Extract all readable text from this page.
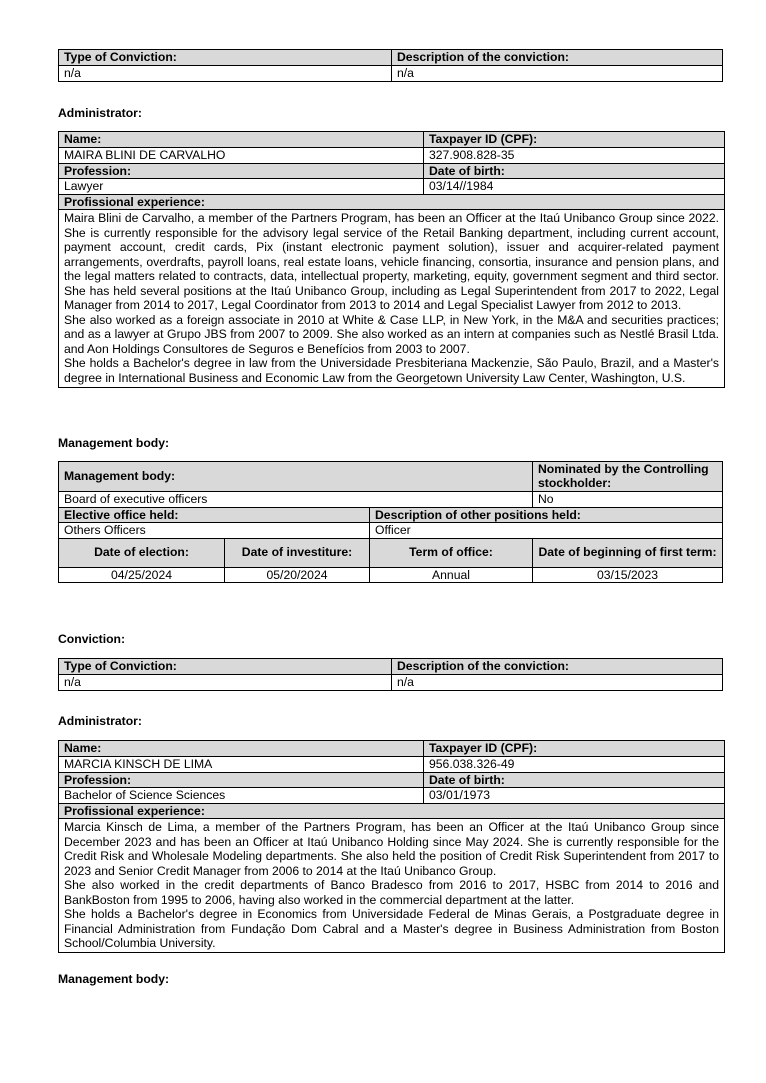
Type of Conviction:	Description of the conviction:
n/a	n/a
Administrator:
Name:	Taxpayer ID (CPF):
MAIRA BLINI DE CARVALHO	327.908.828-35
Profession:	Date of birth:
Lawyer	03/14//1984
Profissional experience:	

Maira Blini de Carvalho, a member of the Partners Program, has been an Officer at the Itaú Unibanco Group since 2022. She is currently responsible for the advisory legal service of the Retail Banking department, including current account, payment account, credit cards, Pix (instant electronic payment solution), issuer and acquirer-related payment arrangements, overdrafts, payroll loans, real estate loans, vehicle financing, consortia, insurance and pension plans, and the legal matters related to contracts, data, intellectual property, marketing, equity, government segment and third sector. She has held several positions at the Itaú Unibanco Group, including as Legal Superintendent from 2017 to 2022, Legal Manager from 2014 to 2017, Legal Coordinator from 2013 to 2014 and Legal Specialist Lawyer from 2012 to 2013.

She also worked as a foreign associate in 2010 at White & Case LLP, in New York, in the M&A and securities practices; and as a lawyer at Grupo JBS from 2007 to 2009. She also worked as an intern at companies such as Nestlé Brasil Ltda. and Aon Holdings Consultores de Seguros e Benefícios from 2003 to 2007.

She holds a Bachelor's degree in law from the Universidade Presbiteriana Mackenzie, São Paulo, Brazil, and a Master's degree in International Business and Economic Law from the Georgetown University Law Center, Washington, U.S.	

Management body:
Management body:			Nominated by the Controlling stockholder:
Board of executive officers			No
Elective office held:		Description of other positions held:	
Others Officers		Officer	
Date of election:	Date of investiture:	Term of office:	Date of beginning of first term:
04/25/2024	05/20/2024	Annual	03/15/2023
Conviction:
Type of Conviction:	Description of the conviction:
n/a	n/a
Administrator:
Name:	Taxpayer ID (CPF):
MARCIA KINSCH DE LIMA	956.038.326-49
Profession:	Date of birth:
Bachelor of Science Sciences	03/01/1973
Profissional experience:	

Marcia Kinsch de Lima, a member of the Partners Program, has been an Officer at the Itaú Unibanco Group since December 2023 and has been an Officer at Itaú Unibanco Holding since May 2024. She is currently responsible for the Credit Risk and Wholesale Modeling departments. She also held the position of Credit Risk Superintendent from 2017 to 2023 and Senior Credit Manager from 2006 to 2014 at the Itaú Unibanco Group.

She also worked in the credit departments of Banco Bradesco from 2016 to 2017, HSBC from 2014 to 2016 and BankBoston from 1995 to 2006, having also worked in the commercial department at the latter.

She holds a Bachelor's degree in Economics from Universidade Federal de Minas Gerais, a Postgraduate degree in Financial Administration from Fundação Dom Cabral and a Master's degree in Business Administration from Boston School/Columbia University.	

Management body:
